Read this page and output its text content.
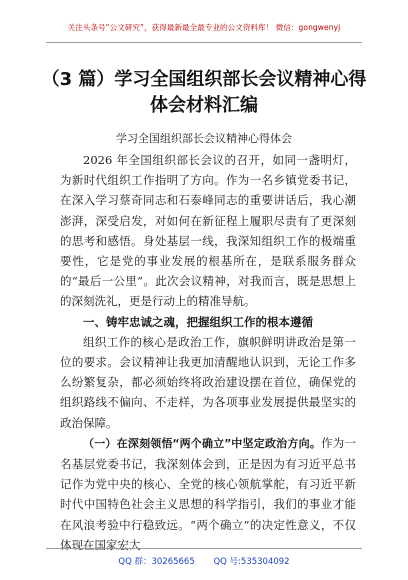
关注头条号“公文研究”，获得最新最全最专业的公文资料库！ 微信：gongwenyj
（3 篇）学习全国组织部长会议精神心得
体会材料汇编
学习全国组织部长会议精神心得体会

2026 年全国组织部长会议的召开，如同一盏明灯，为新时代组织工作指明了方向。作为一名乡镇党委书记，在深入学习蔡奇同志和石泰峰同志的重要讲话后，我心潮澎湃，深受启发，对如何在新征程上履职尽责有了更深刻的思考和感悟。身处基层一线，我深知组织工作的极端重要性，它是党的事业发展的根基所在，是联系服务群众的“最后一公里”。此次会议精神，对我而言，既是思想上的深刻洗礼，更是行动上的精准导航。

一、铸牢忠诚之魂，把握组织工作的根本遵循

组织工作的核心是政治工作，旗帜鲜明讲政治是第一位的要求。会议精神让我更加清醒地认识到，无论工作多么纷繁复杂，都必须始终将政治建设摆在首位，确保党的组织路线不偏向、不走样，为各项事业发展提供最坚实的政治保障。

（一）在深刻领悟“两个确立”中坚定政治方向。作为一名基层党委书记，我深刻体会到，正是因为有习近平总书记作为党中央的核心、全党的核心领航掌舵，有习近平新时代中国特色社会主义思想的科学指引，我们的事业才能在风浪考验中行稳致远。“两个确立”的决定性意义，不仅体现在国家宏大

QQ 群：30265665 QQ 号:535304092
